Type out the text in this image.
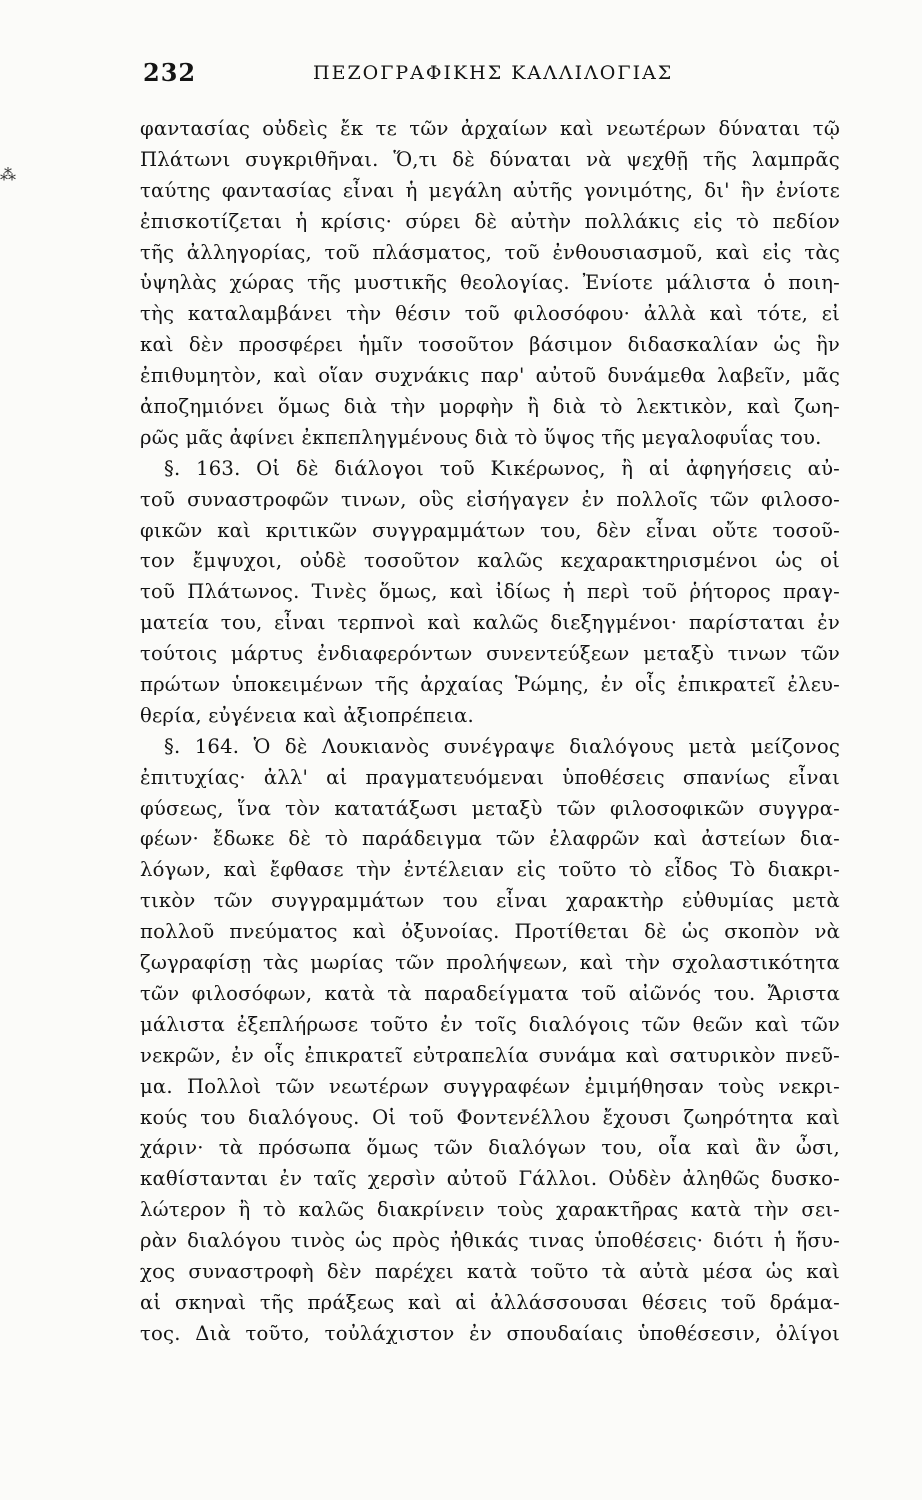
232	ΠΕΖΟΓΡΑΦΙΚΗΣ ΚΑΛΛΙΛΟΓΙΑΣ
⁂
φαντασίας οὐδεὶς ἔκ τε τῶν ἀρχαίων καὶ νεωτέρων δύναται τῷ
Πλάτωνι συγκριθῆναι. Ὅ,τι δὲ δύναται νὰ ψεχθῇ τῆς λαμπρᾶς
ταύτης φαντασίας εἶναι ἡ μεγάλη αὐτῆς γονιμότης, δι' ἣν ἐνίοτε
ἐπισκοτίζεται ἡ κρίσις· σύρει δὲ αὐτὴν πολλάκις εἰς τὸ πεδίον
τῆς ἀλληγορίας, τοῦ πλάσματος, τοῦ ἐνθουσιασμοῦ, καὶ εἰς τὰς
ὑψηλὰς χώρας τῆς μυστικῆς θεολογίας. Ἐνίοτε μάλιστα ὁ ποιη-
τὴς καταλαμβάνει τὴν θέσιν τοῦ φιλοσόφου· ἀλλὰ καὶ τότε, εἰ
καὶ δὲν προσφέρει ἡμῖν τοσοῦτον βάσιμον διδασκαλίαν ὡς ἣν
ἐπιθυμητὸν, καὶ οἵαν συχνάκις παρ' αὐτοῦ δυνάμεθα λαβεῖν, μᾶς
ἀποζημιόνει ὅμως διὰ τὴν μορφὴν ἢ διὰ τὸ λεκτικὸν, καὶ ζωη-
ρῶς μᾶς ἀφίνει ἐκπεπληγμένους διὰ τὸ ὕψος τῆς μεγαλοφυΐας του.
§. 163. Οἱ δὲ διάλογοι τοῦ Κικέρωνος, ἢ αἱ ἀφηγήσεις αὐ-
τοῦ συναστροφῶν τινων, οὓς εἰσήγαγεν ἐν πολλοῖς τῶν φιλοσο-
φικῶν καὶ κριτικῶν συγγραμμάτων του, δὲν εἶναι οὔτε τοσοῦ-
τον ἔμψυχοι, οὐδὲ τοσοῦτον καλῶς κεχαρακτηρισμένοι ὡς οἱ
τοῦ Πλάτωνος. Τινὲς ὅμως, καὶ ἰδίως ἡ περὶ τοῦ ῥήτορος πραγ-
ματεία του, εἶναι τερπνοὶ καὶ καλῶς διεξηγμένοι· παρίσταται ἐν
τούτοις μάρτυς ἐνδιαφερόντων συνεντεύξεων μεταξὺ τινων τῶν
πρώτων ὑποκειμένων τῆς ἀρχαίας Ῥώμης, ἐν οἷς ἐπικρατεῖ ἐλευ-
θερία, εὐγένεια καὶ ἀξιοπρέπεια.
§. 164. Ὁ δὲ Λουκιανὸς συνέγραψε διαλόγους μετὰ μείζονος
ἐπιτυχίας· ἀλλ' αἱ πραγματευόμεναι ὑποθέσεις σπανίως εἶναι
φύσεως, ἵνα τὸν κατατάξωσι μεταξὺ τῶν φιλοσοφικῶν συγγρα-
φέων· ἔδωκε δὲ τὸ παράδειγμα τῶν ἐλαφρῶν καὶ ἀστείων δια-
λόγων, καὶ ἔφθασε τὴν ἐντέλειαν εἰς τοῦτο τὸ εἶδος Τὸ διακρι-
τικὸν τῶν συγγραμμάτων του εἶναι χαρακτὴρ εὐθυμίας μετὰ
πολλοῦ πνεύματος καὶ ὀξυνοίας. Προτίθεται δὲ ὡς σκοπὸν νὰ
ζωγραφίσῃ τὰς μωρίας τῶν προλήψεων, καὶ τὴν σχολαστικότητα
τῶν φιλοσόφων, κατὰ τὰ παραδείγματα τοῦ αἰῶνός του. Ἄριστα
μάλιστα ἐξεπλήρωσε τοῦτο ἐν τοῖς διαλόγοις τῶν θεῶν καὶ τῶν
νεκρῶν, ἐν οἷς ἐπικρατεῖ εὐτραπελία συνάμα καὶ σατυρικὸν πνεῦ-
μα. Πολλοὶ τῶν νεωτέρων συγγραφέων ἐμιμήθησαν τοὺς νεκρι-
κούς του διαλόγους. Οἱ τοῦ Φοντενέλλου ἔχουσι ζωηρότητα καὶ
χάριν· τὰ πρόσωπα ὅμως τῶν διαλόγων του, οἷα καὶ ἂν ὦσι,
καθίστανται ἐν ταῖς χερσὶν αὐτοῦ Γάλλοι. Οὐδὲν ἀληθῶς δυσκο-
λώτερον ἢ τὸ καλῶς διακρίνειν τοὺς χαρακτῆρας κατὰ τὴν σει-
ρὰν διαλόγου τινὸς ὡς πρὸς ἠθικάς τινας ὑποθέσεις· διότι ἡ ἥσυ-
χος συναστροφὴ δὲν παρέχει κατὰ τοῦτο τὰ αὐτὰ μέσα ὡς καὶ
αἱ σκηναὶ τῆς πράξεως καὶ αἱ ἀλλάσσουσαι θέσεις τοῦ δράμα-
τος. Διὰ τοῦτο, τοὐλάχιστον ἐν σπουδαίαις ὑποθέσεσιν, ὀλίγοι
